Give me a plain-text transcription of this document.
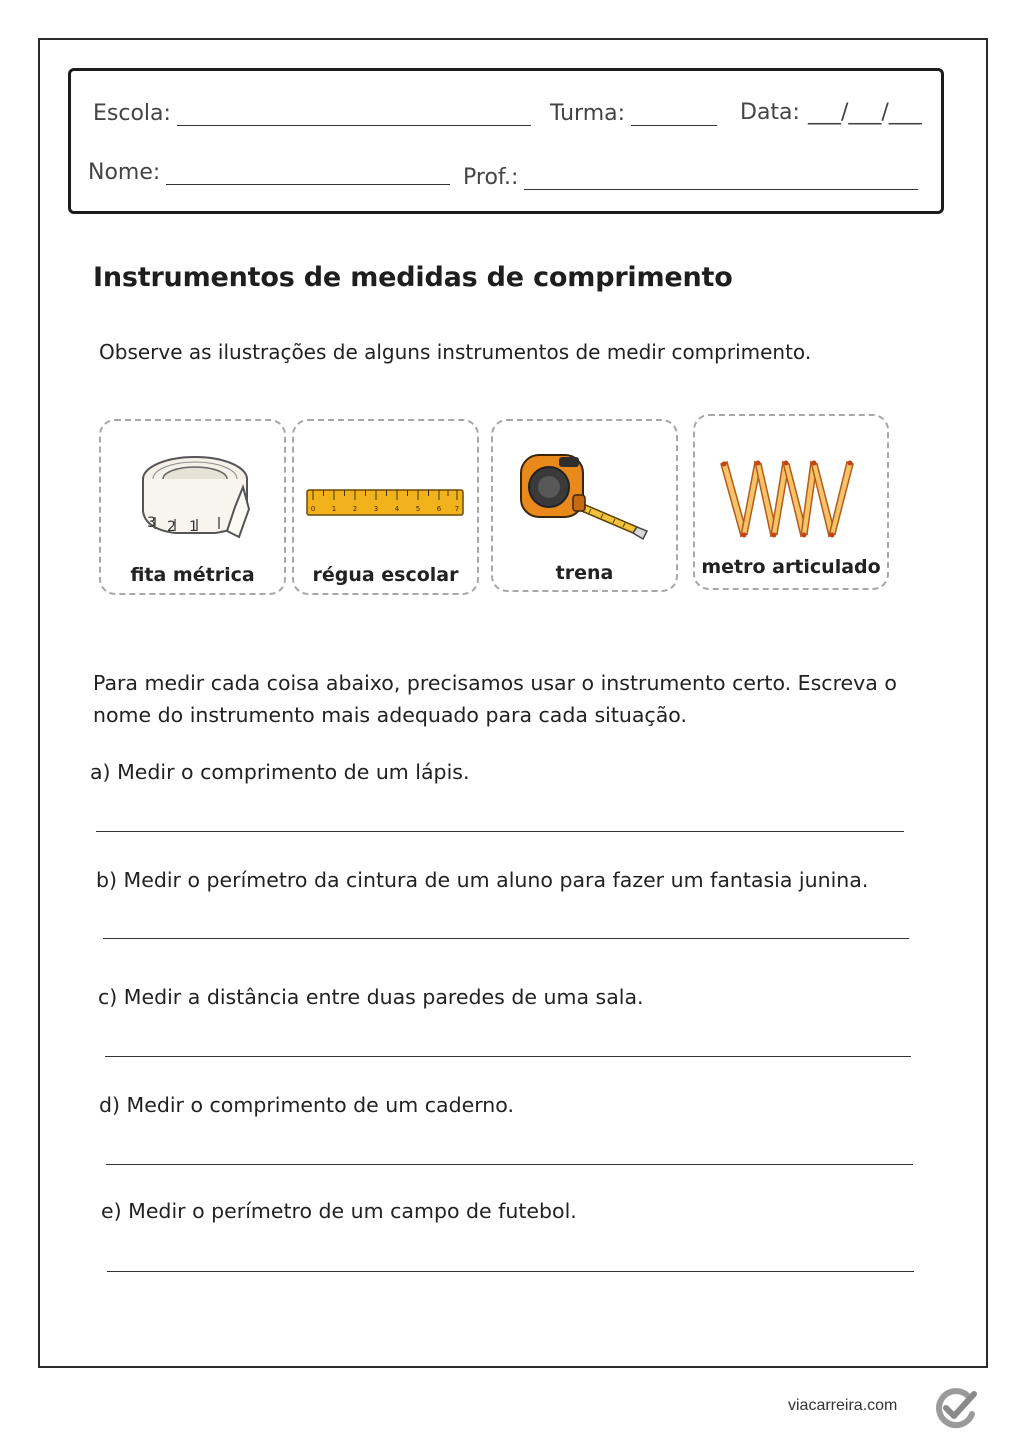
Escola:	Turma:	Data: ___/___/___
Nome:	Prof.:
Instrumentos de medidas de comprimento
Observe as ilustrações de alguns instrumentos de medir comprimento.
3 2 1
fita métrica
0 1 2 3 4 5 6 7
régua escolar	trena	metro articulado
Para medir cada coisa abaixo, precisamos usar o instrumento certo. Escreva o nome do instrumento mais adequado para cada situação.
a) Medir o comprimento de um lápis.
b) Medir o perímetro da cintura de um aluno para fazer um fantasia junina.
c) Medir a distância entre duas paredes de uma sala.
d) Medir o comprimento de um caderno.
e) Medir o perímetro de um campo de futebol.
viacarreira.com
